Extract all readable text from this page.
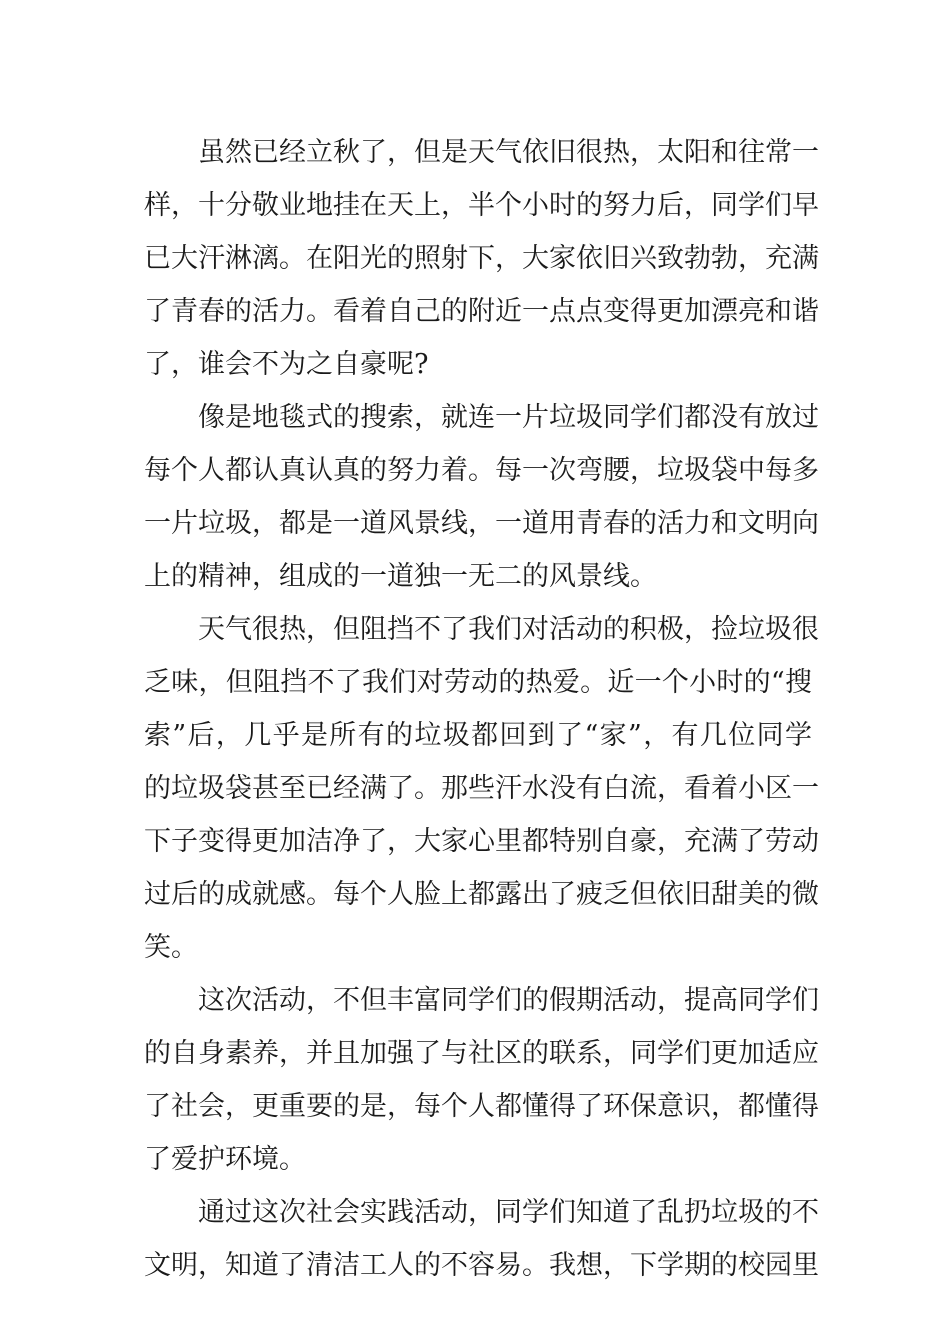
虽然已经立秋了，但是天气依旧很热，太阳和往常一
样，十分敬业地挂在天上，半个小时的努力后，同学们早
已大汗淋漓。在阳光的照射下，大家依旧兴致勃勃，充满
了青春的活力。看着自己的附近一点点变得更加漂亮和谐
了，谁会不为之自豪呢?
像是地毯式的搜索，就连一片垃圾同学们都没有放过
每个人都认真认真的努力着。每一次弯腰，垃圾袋中每多
一片垃圾，都是一道风景线，一道用青春的活力和文明向
上的精神，组成的一道独一无二的风景线。
天气很热，但阻挡不了我们对活动的积极，捡垃圾很
乏味，但阻挡不了我们对劳动的热爱。近一个小时的“搜
索”后，几乎是所有的垃圾都回到了“家”，有几位同学
的垃圾袋甚至已经满了。那些汗水没有白流，看着小区一
下子变得更加洁净了，大家心里都特别自豪，充满了劳动
过后的成就感。每个人脸上都露出了疲乏但依旧甜美的微
笑。
这次活动，不但丰富同学们的假期活动，提高同学们
的自身素养，并且加强了与社区的联系，同学们更加适应
了社会，更重要的是，每个人都懂得了环保意识，都懂得
了爱护环境。
通过这次社会实践活动，同学们知道了乱扔垃圾的不
文明，知道了清洁工人的不容易。我想，下学期的校园里
